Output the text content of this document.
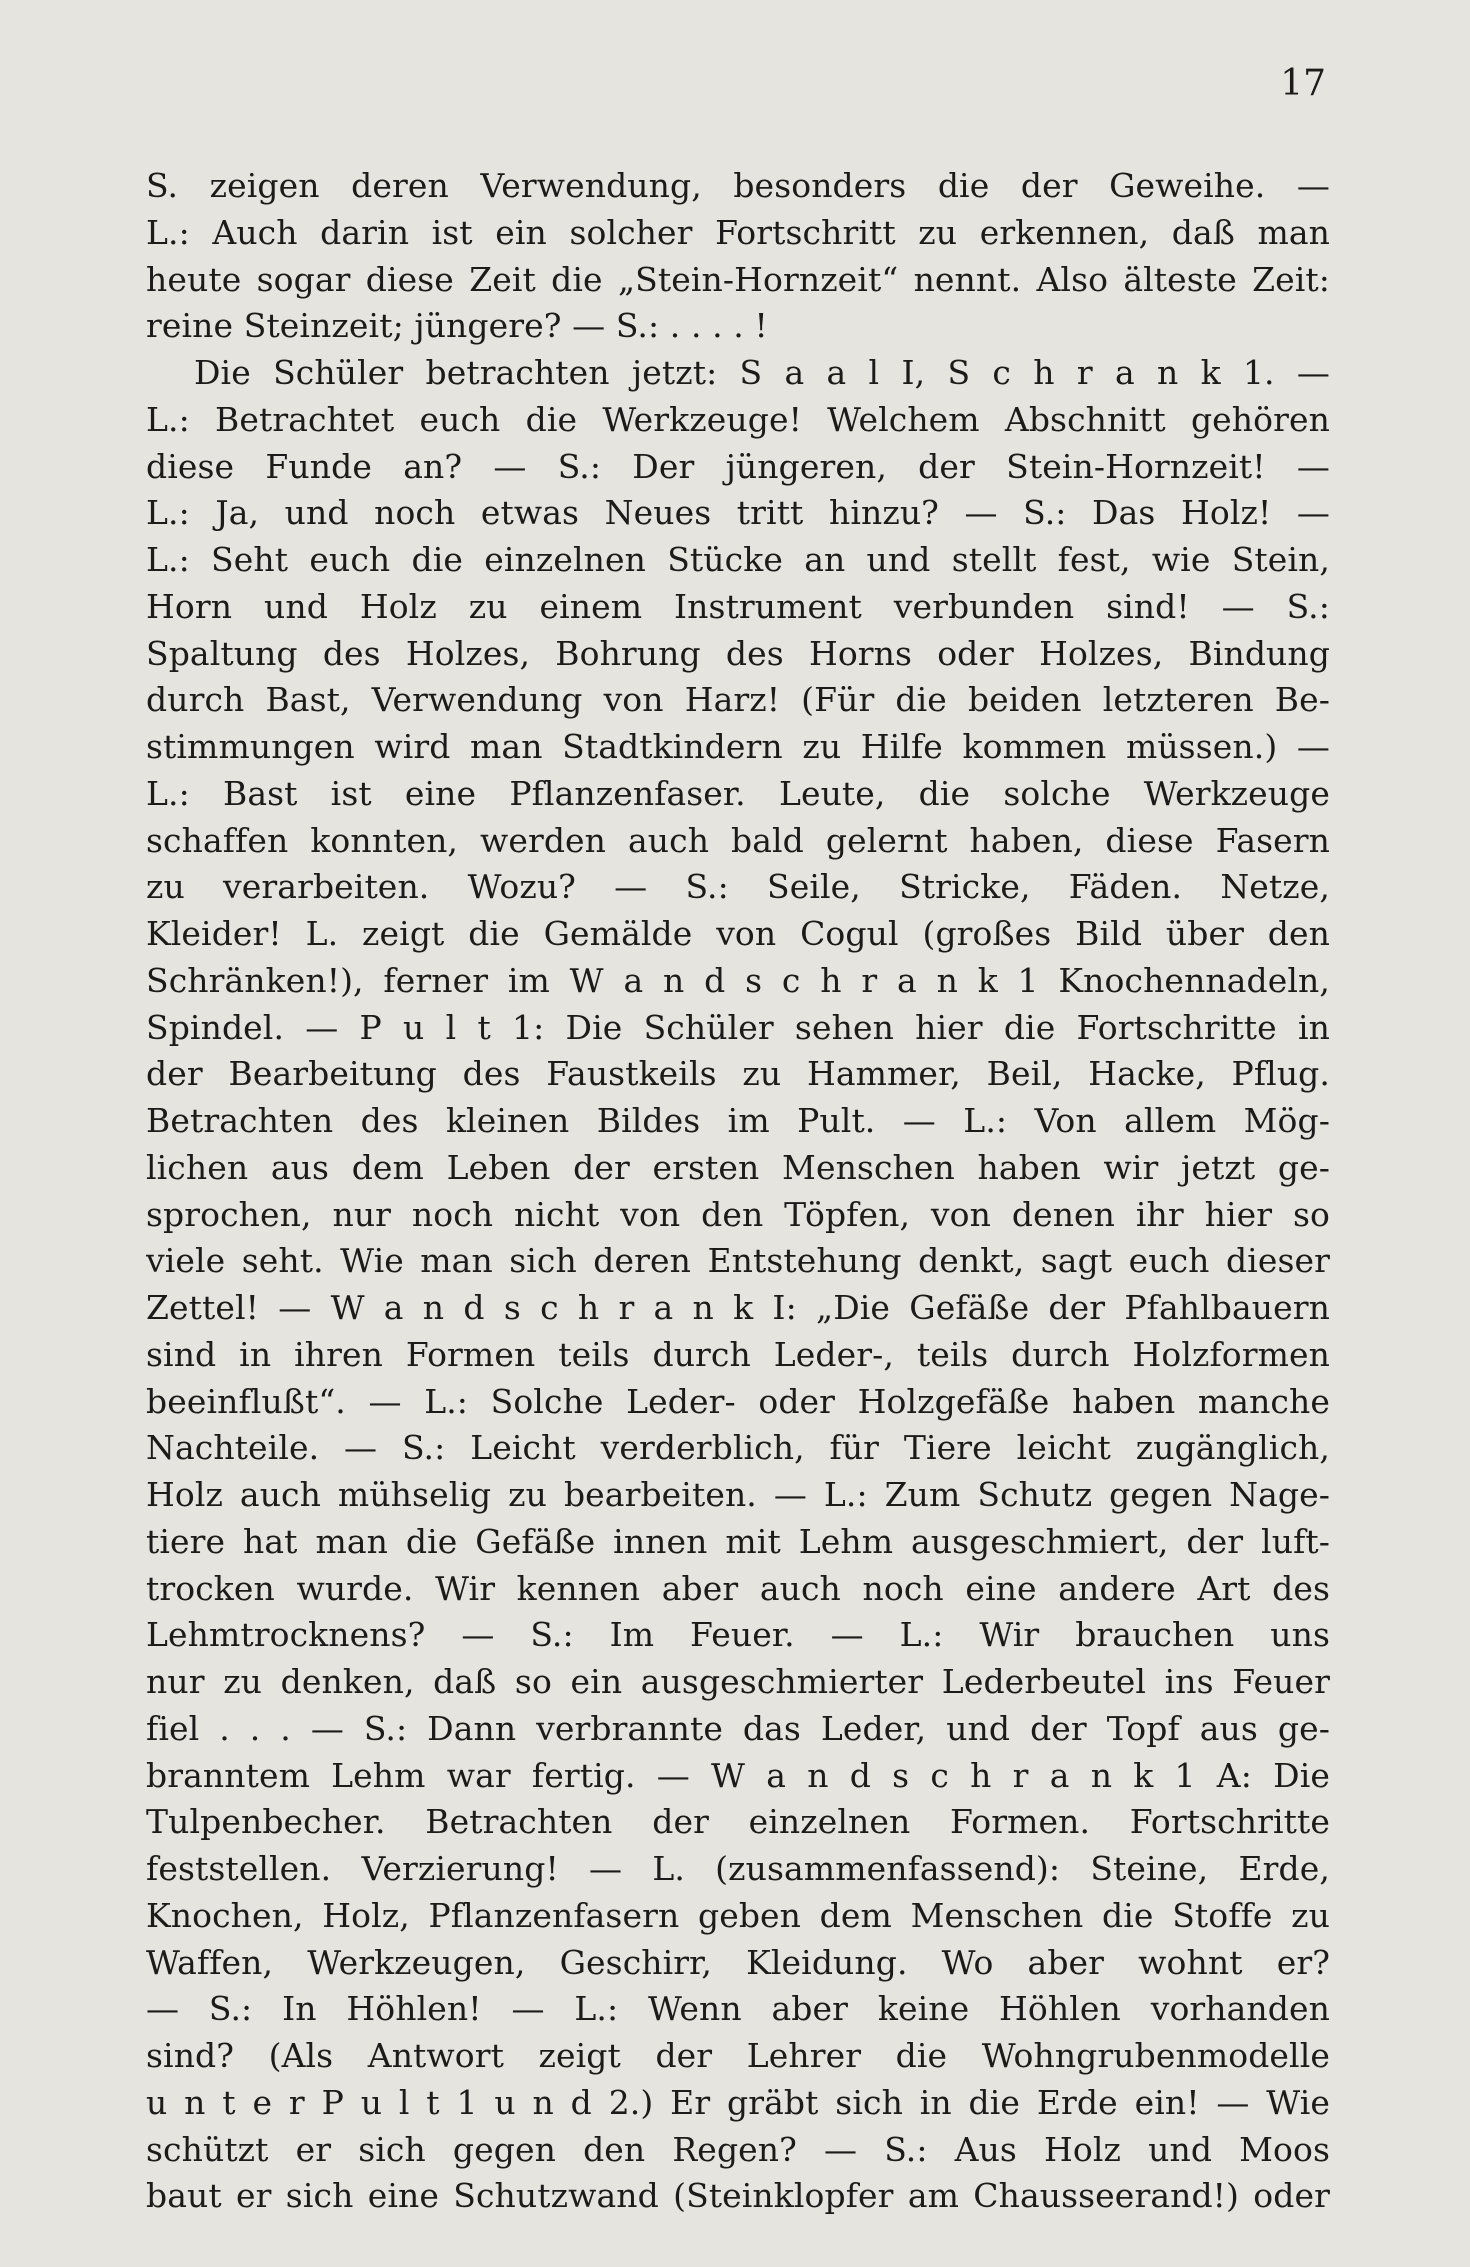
17
S. zeigen deren Verwendung, besonders die der Geweihe. —
L.: Auch darin ist ein solcher Fortschritt zu erkennen, daß man
heute sogar diese Zeit die „Stein-Hornzeit“ nennt. Also älteste Zeit:
reine Steinzeit; jüngere? — S.: . . . . !
Die Schüler betrachten jetzt: S a a l I, S c h r a n k 1. —
L.: Betrachtet euch die Werkzeuge! Welchem Abschnitt gehören
diese Funde an? — S.: Der jüngeren, der Stein-Hornzeit! —
L.: Ja, und noch etwas Neues tritt hinzu? — S.: Das Holz! —
L.: Seht euch die einzelnen Stücke an und stellt fest, wie Stein,
Horn und Holz zu einem Instrument verbunden sind! — S.:
Spaltung des Holzes, Bohrung des Horns oder Holzes, Bindung
durch Bast, Verwendung von Harz! (Für die beiden letzteren Be-
stimmungen wird man Stadtkindern zu Hilfe kommen müssen.) —
L.: Bast ist eine Pflanzenfaser. Leute, die solche Werkzeuge
schaffen konnten, werden auch bald gelernt haben, diese Fasern
zu verarbeiten. Wozu? — S.: Seile, Stricke, Fäden. Netze,
Kleider! L. zeigt die Gemälde von Cogul (großes Bild über den
Schränken!), ferner im W a n d s c h r a n k 1 Knochennadeln,
Spindel. — P u l t 1: Die Schüler sehen hier die Fortschritte in
der Bearbeitung des Faustkeils zu Hammer, Beil, Hacke, Pflug.
Betrachten des kleinen Bildes im Pult. — L.: Von allem Mög-
lichen aus dem Leben der ersten Menschen haben wir jetzt ge-
sprochen, nur noch nicht von den Töpfen, von denen ihr hier so
viele seht. Wie man sich deren Entstehung denkt, sagt euch dieser
Zettel! — W a n d s c h r a n k I: „Die Gefäße der Pfahlbauern
sind in ihren Formen teils durch Leder-, teils durch Holzformen
beeinflußt“. — L.: Solche Leder- oder Holzgefäße haben manche
Nachteile. — S.: Leicht verderblich, für Tiere leicht zugänglich,
Holz auch mühselig zu bearbeiten. — L.: Zum Schutz gegen Nage-
tiere hat man die Gefäße innen mit Lehm ausgeschmiert, der luft-
trocken wurde. Wir kennen aber auch noch eine andere Art des
Lehmtrocknens? — S.: Im Feuer. — L.: Wir brauchen uns
nur zu denken, daß so ein ausgeschmierter Lederbeutel ins Feuer
fiel . . . — S.: Dann verbrannte das Leder, und der Topf aus ge-
branntem Lehm war fertig. — W a n d s c h r a n k 1 A: Die
Tulpenbecher. Betrachten der einzelnen Formen. Fortschritte
feststellen. Verzierung! — L. (zusammenfassend): Steine, Erde,
Knochen, Holz, Pflanzenfasern geben dem Menschen die Stoffe zu
Waffen, Werkzeugen, Geschirr, Kleidung. Wo aber wohnt er?
— S.: In Höhlen! — L.: Wenn aber keine Höhlen vorhanden
sind? (Als Antwort zeigt der Lehrer die Wohngrubenmodelle
u n t e r P u l t 1 u n d 2.) Er gräbt sich in die Erde ein! — Wie
schützt er sich gegen den Regen? — S.: Aus Holz und Moos
baut er sich eine Schutzwand (Steinklopfer am Chausseerand!) oder
